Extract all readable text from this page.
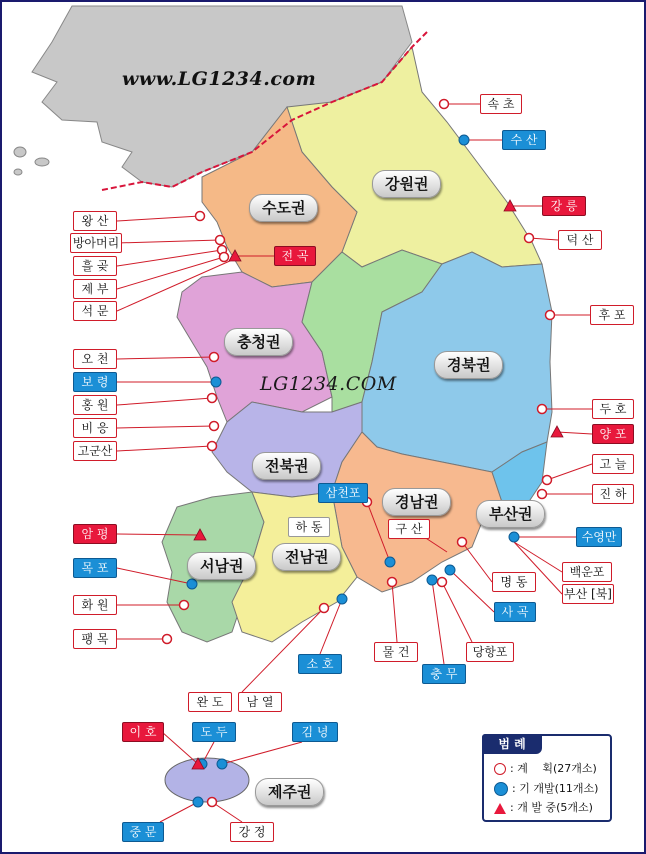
www.LG1234.com
LG1234.COM
수도권
강원권
충청권
경북권
전북권
경남권
부산권
서남권	전남권
제주권
속 초
수 산
강 릉
덕 산
왕 산
방아머리
흘 곶
제 부
석 문
전 곡
후 포
오 천
보 령
홍 원	두 호
양 포
비 응
고군산
고 늘
진 하
삼천포
하 동	구 산
수영만
암 평
목 포
명 동
백운포
부산 [북]
사 곡
화 원
팽 목
물 건	당항포
소 호
충 무
완 도	남 열
이 호	도 두	김 녕
중 문	강 정
범 례
: 계　 획(27개소)
: 기 개발(11개소)
: 개 발 중(5개소)
